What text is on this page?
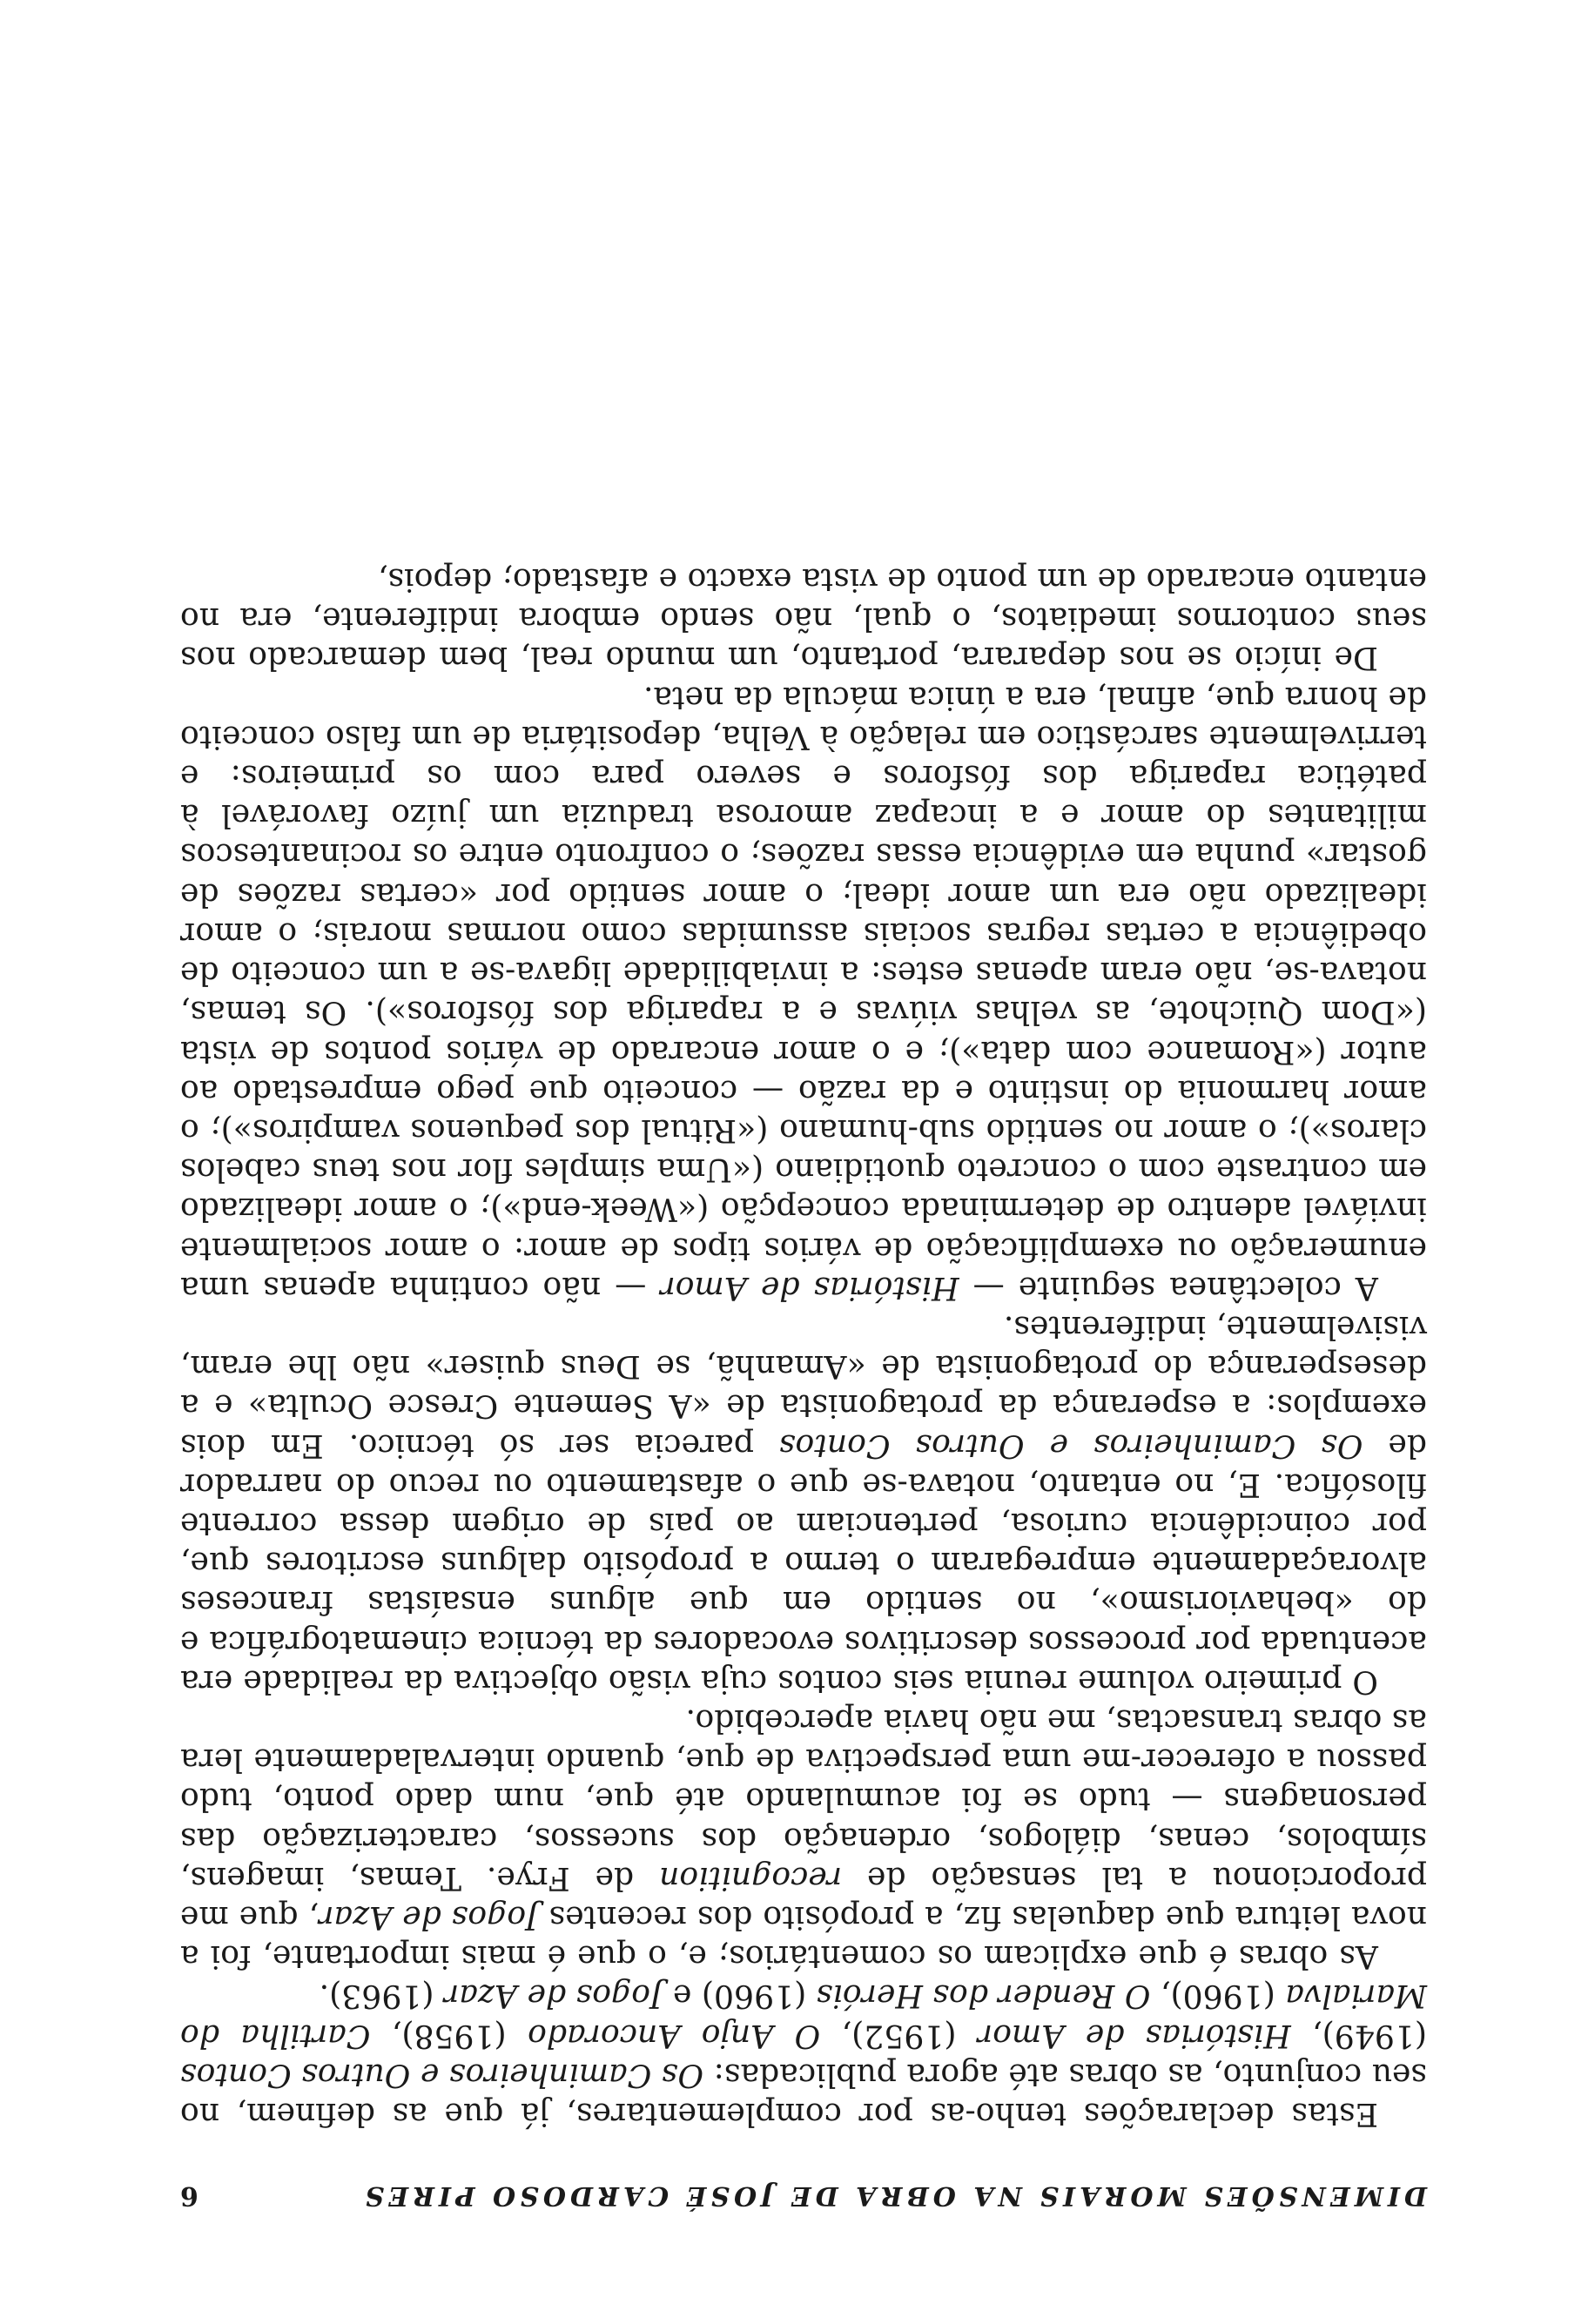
DIMENSÕES MORAIS NA OBRA DE JOSÉ CARDOSO PIRES
6

Estas declarações tenho-as por complementares, já que as definem, no seu conjunto, as obras até agora publicadas: Os Caminheiros e Outros Contos (1949), Histórias de Amor (1952), O Anjo Ancorado (1958), Cartilha do Marialva (1960), O Render dos Heróis (1960) e Jogos de Azar (1963).

As obras é que explicam os comentários; e, o que é mais importante, foi a nova leitura que daquelas fiz, a propósito dos recentes Jogos de Azar, que me proporcionou a tal sensação de recognition de Frye. Temas, imagens, símbolos, cenas, diálogos, ordenação dos sucessos, caracterização das personagens — tudo se foi acumulando até que, num dado ponto, tudo passou a oferecer-me uma perspectiva de que, quando intervaladamente lera as obras transactas, me não havia apercebido.

O primeiro volume reunia seis contos cuja visão objectiva da realidade era acentuada por processos descritivos evocadores da técnica cinematográfica e do «behaviorismo», no sentido em que alguns ensaístas franceses alvoraçadamente empregaram o termo a propósito dalguns escritores que, por coincidência curiosa, pertenciam ao país de origem dessa corrente filosófica. E, no entanto, notava-se que o afastamento ou recuo do narrador de Os Caminheiros e Outros Contos parecia ser só técnico. Em dois exemplos: a esperança da protagonista de «A Semente Cresce Oculta» e a desesperança do protagonista de «Amanhã, se Deus quiser» não lhe eram, visivelmente, indiferentes.

A colectânea seguinte — Histórias de Amor — não continha apenas uma enumeração ou exemplificação de vários tipos de amor: o amor socialmente inviável adentro de determinada concepção («Week-end»); o amor idealizado em contraste com o concreto quotidiano («Uma simples flor nos teus cabelos claros»); o amor no sentido sub-humano («Ritual dos pequenos vampiros»); o amor harmonia do instinto e da razão — conceito que pego emprestado ao autor («Romance com data»); e o amor encarado de vários pontos de vista («Dom Quichote, as velhas viúvas e a rapariga dos fósforos»). Os temas, notava-se, não eram apenas estes: a inviabilidade ligava-se a um conceito de obediência a certas regras sociais assumidas como normas morais; o amor idealizado não era um amor ideal; o amor sentido por «certas razões de gostar» punha em evidência essas razões; o confronto entre os rocinantescos militantes do amor e a incapaz amorosa traduzia um juízo favorável à patética rapariga dos fósforos e severo para com os primeiros: e terrivelmente sarcástico em relação à Velha, depositária de um falso conceito de honra que, afinal, era a única mácula da neta.

De início se nos deparara, portanto, um mundo real, bem demarcado nos seus contornos imediatos, o qual, não sendo embora indiferente, era no entanto encarado de um ponto de vista exacto e afastado; depois,
